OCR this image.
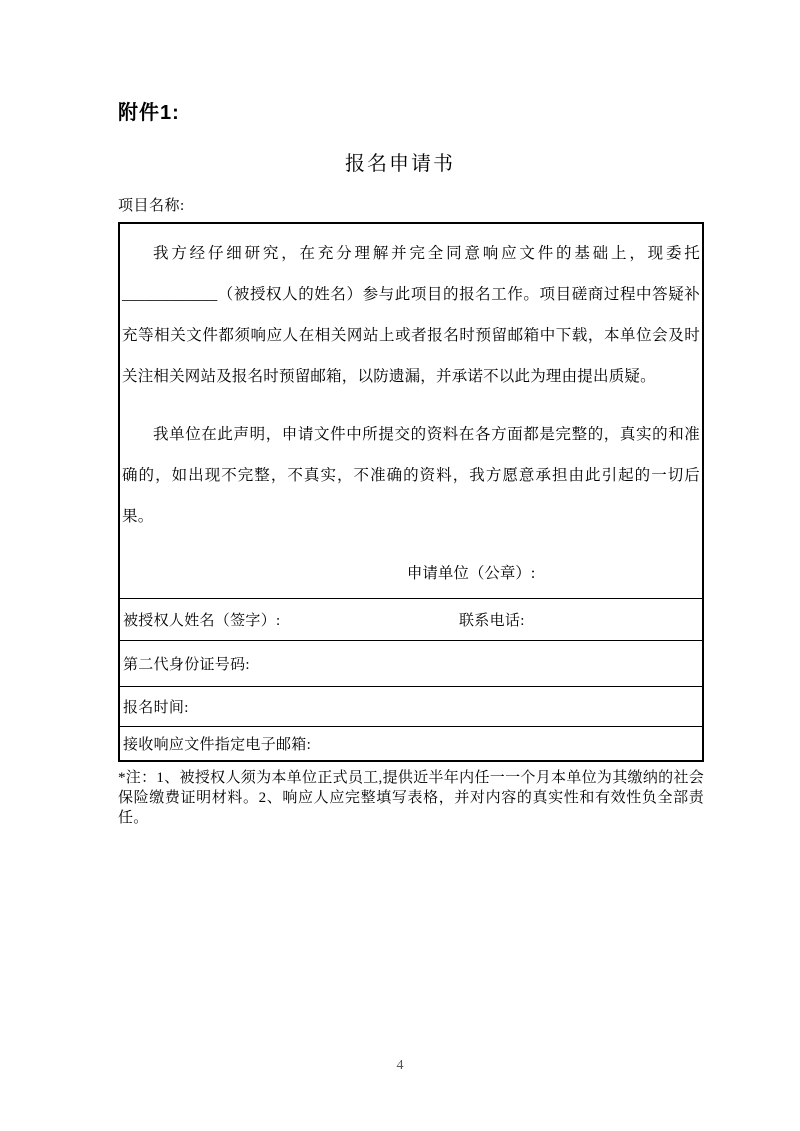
附件1:
报名申请书
项目名称:

我方经仔细研究，在充分理解并完全同意响应文件的基础上，现委托____________（被授权人的姓名）参与此项目的报名工作。项目磋商过程中答疑补充等相关文件都须响应人在相关网站上或者报名时预留邮箱中下载，本单位会及时关注相关网站及报名时预留邮箱，以防遗漏，并承诺不以此为理由提出质疑。

我单位在此声明，申请文件中所提交的资料在各方面都是完整的，真实的和准确的，如出现不完整，不真实，不准确的资料，我方愿意承担由此引起的一切后果。

申请单位（公章）:
被授权人姓名（签字）:	联系电话:
第二代身份证号码:
报名时间:
接收响应文件指定电子邮箱:
*注：1、被授权人须为本单位正式员工,提供近半年内任一一个月本单位为其缴纳的社会保险缴费证明材料。2、响应人应完整填写表格，并对内容的真实性和有效性负全部责任。
4
